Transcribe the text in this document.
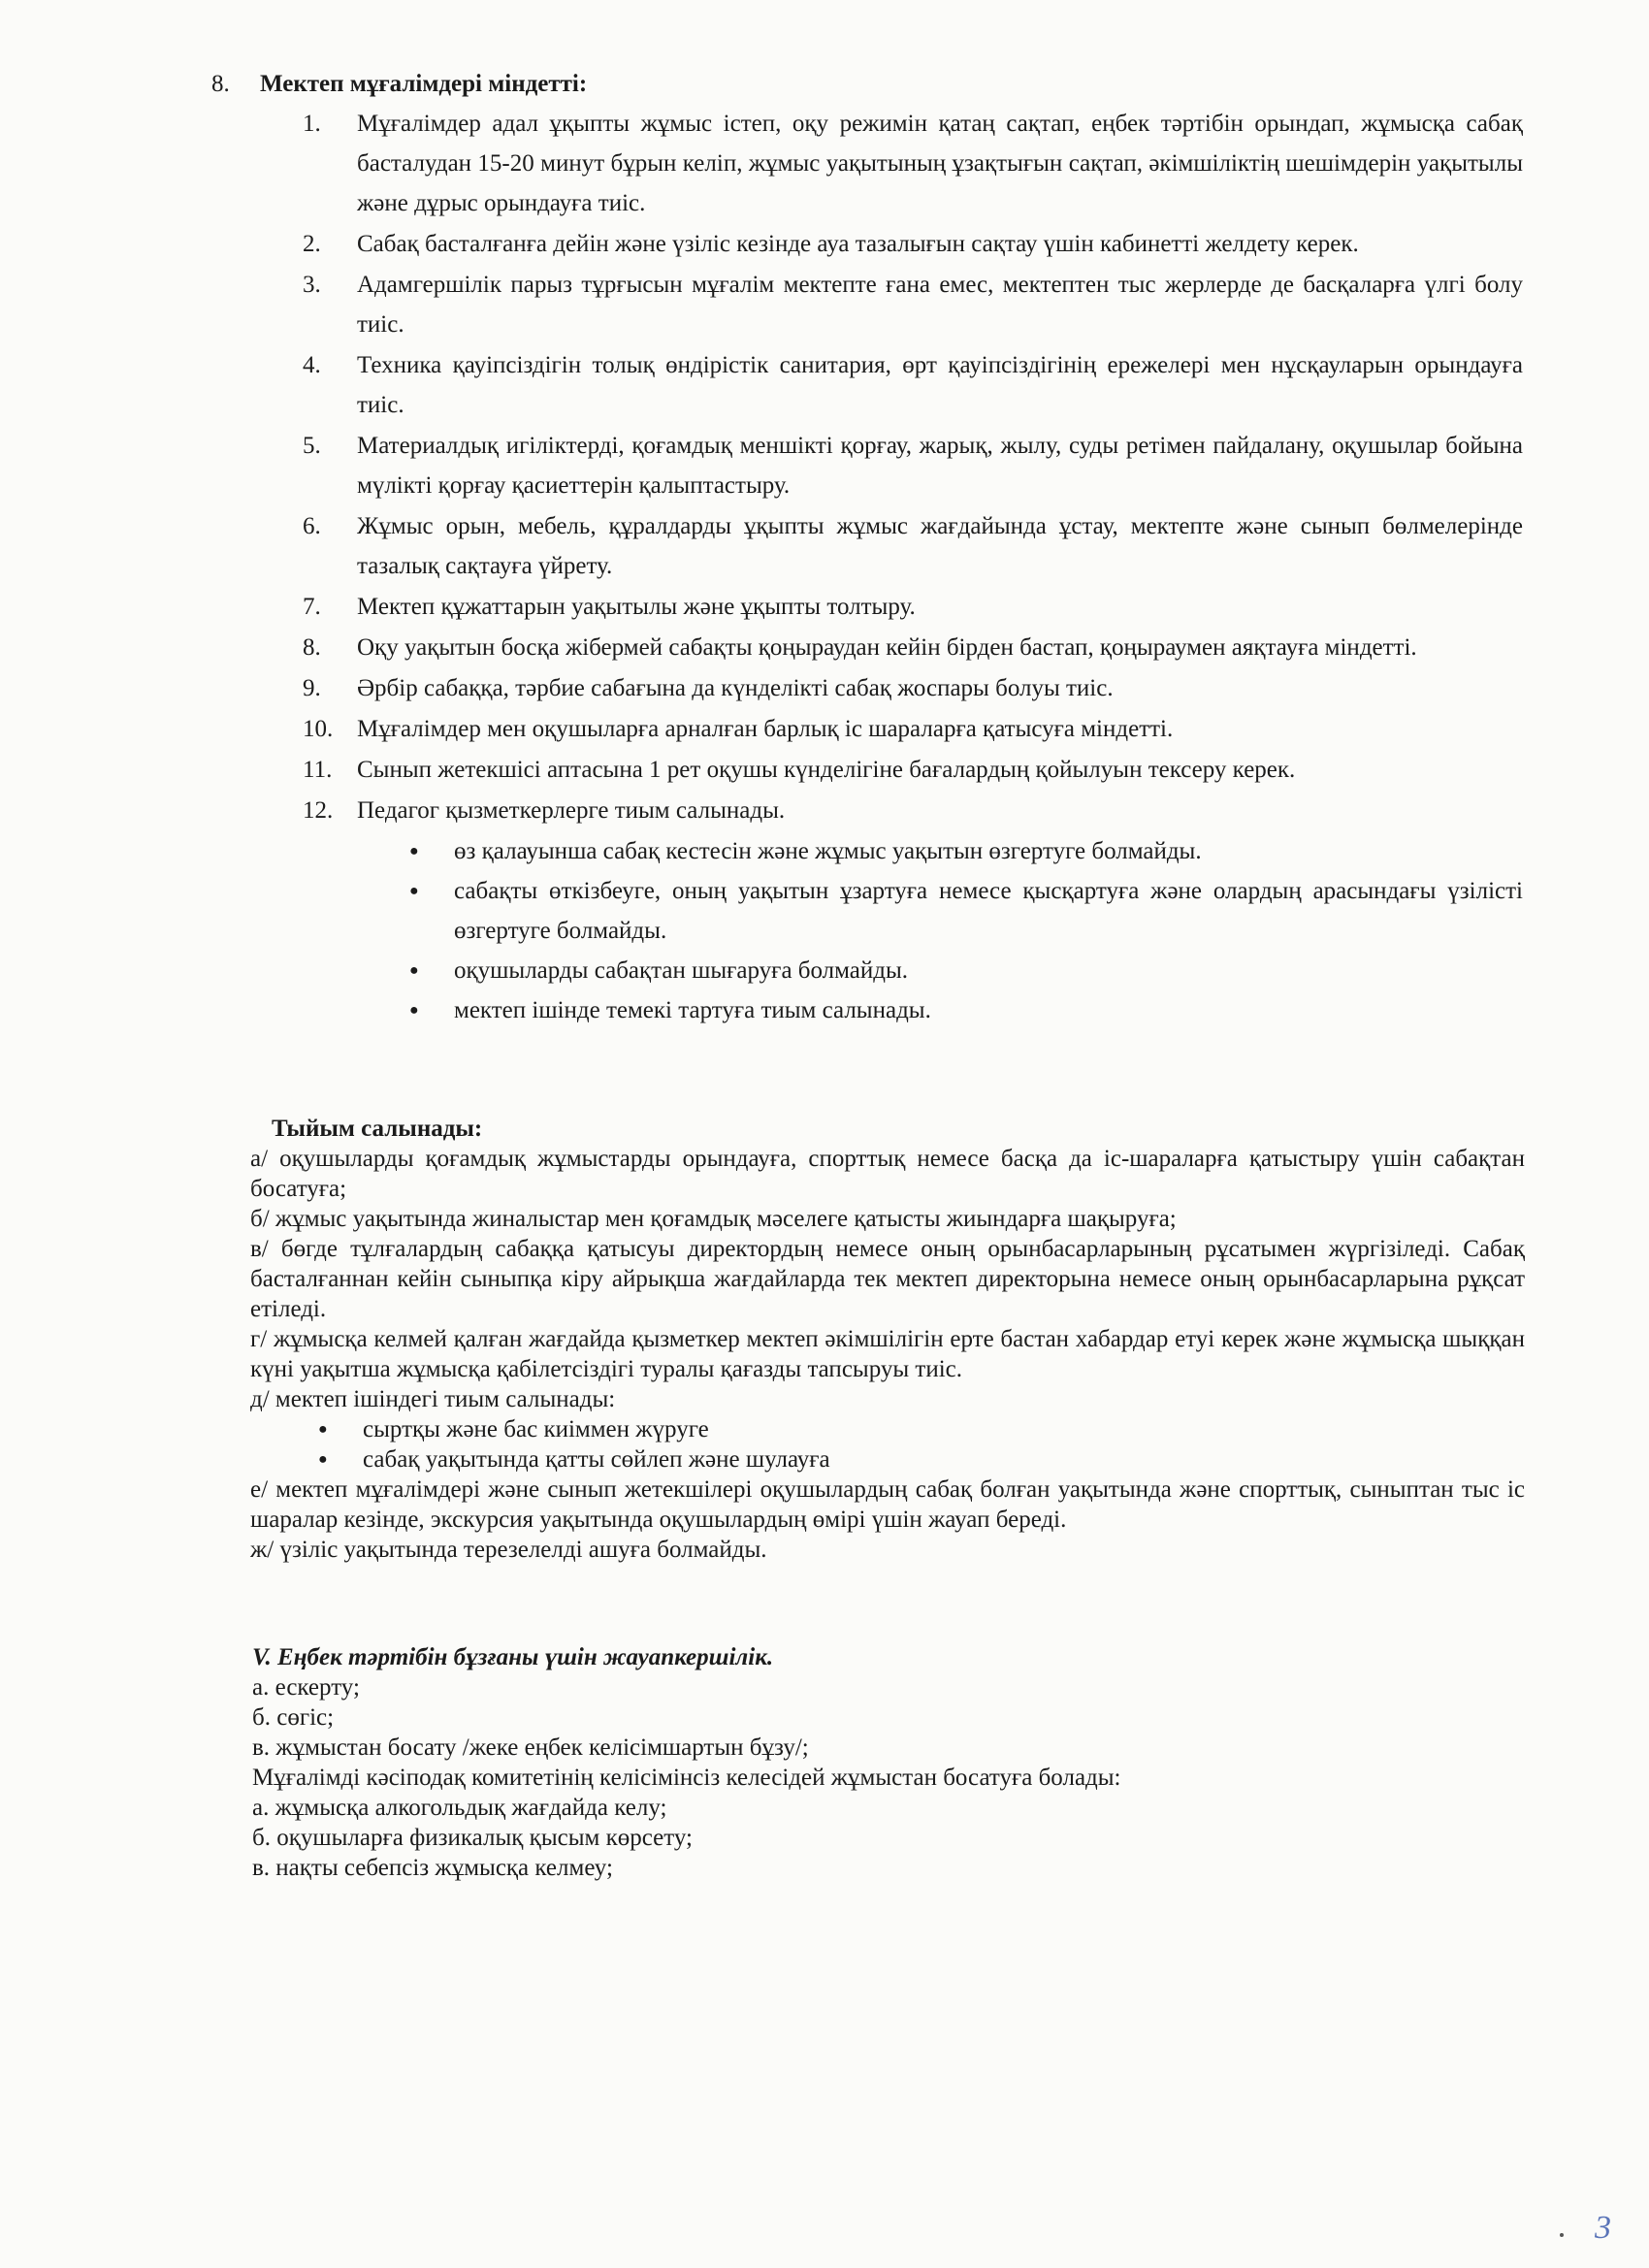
8.	Мектеп мұғалімдері міндетті:
1.	Мұғалімдер адал ұқыпты жұмыс істеп, оқу режимін қатаң сақтап, еңбек тәртібін орындап, жұмысқа сабақ басталудан 15-20 минут бұрын келіп, жұмыс уақытының ұзақтығын сақтап, әкімшіліктің шешімдерін уақытылы және дұрыс орындауға тиіс.
2.	Сабақ басталғанға дейін және үзіліс кезінде ауа тазалығын сақтау үшін кабинетті желдету керек.
3.	Адамгершілік парыз тұрғысын мұғалім мектепте ғана емес, мектептен тыс жерлерде де басқаларға үлгі болу тиіс.
4.	Техника қауіпсіздігін толық өндірістік санитария, өрт қауіпсіздігінің ережелері мен нұсқауларын орындауға тиіс.
5.	Материалдық игіліктерді, қоғамдық меншікті қорғау, жарық, жылу, суды ретімен пайдалану, оқушылар бойына мүлікті қорғау қасиеттерін қалыптастыру.
6.	Жұмыс орын, мебель, құралдарды ұқыпты жұмыс жағдайында ұстау, мектепте және сынып бөлмелерінде тазалық сақтауға үйрету.
7.	Мектеп құжаттарын уақытылы және ұқыпты толтыру.
8.	Оқу уақытын босқа жібермей сабақты қоңыраудан кейін бірден бастап, қоңыраумен аяқтауға міндетті.
9.	Әрбір сабаққа, тәрбие сабағына да күнделікті сабақ жоспары болуы тиіс.
10. Мұғалімдер мен оқушыларға арналған барлық іс шараларға қатысуға міндетті.
11.	Сынып жетекшісі аптасына 1 рет оқушы күнделігіне бағалардың қойылуын тексеру керек.
12. Педагог қызметкерлерге тиым салынады.
●	өз қалауынша сабақ кестесін және жұмыс уақытын өзгертуге болмайды.
●	сабақты өткізбеуге, оның уақытын ұзартуға немесе қысқартуға және олардың арасындағы үзілісті өзгертуге болмайды.
●	оқушыларды сабақтан шығаруға болмайды.
●	мектеп ішінде темекі тартуға тиым салынады.
Тыйым салынады:
а/ оқушыларды қоғамдық жұмыстарды орындауға, спорттық немесе басқа да іс-шараларға қатыстыру үшін сабақтан босатуға;
б/ жұмыс уақытында жиналыстар мен қоғамдық мәселеге қатысты жиындарға шақыруға;
в/ бөгде тұлғалардың сабаққа қатысуы директордың немесе оның орынбасарларының рұсатымен жүргізіледі. Сабақ басталғаннан кейін сыныпқа кіру айрықша жағдайларда тек мектеп директорына немесе оның орынбасарларына рұқсат етіледі.
г/ жұмысқа келмей қалған жағдайда қызметкер мектеп әкімшілігін ерте бастан хабардар етуі керек және жұмысқа шыққан күні уақытша жұмысқа қабілетсіздігі туралы қағазды тапсыруы тиіс.
д/ мектеп ішіндегі тиым салынады:
●	сыртқы және бас киіммен жүруге
●	сабақ уақытында қатты сөйлеп және шулауға
е/ мектеп мұғалімдері және сынып жетекшілері оқушылардың сабақ болған уақытында және спорттық, сыныптан тыс іс шаралар кезінде, экскурсия уақытында оқушылардың өмірі үшін жауап береді.
ж/ үзіліс уақытында терезелелді ашуға болмайды.
V. Еңбек тәртібін бұзғаны үшін жауапкершілік.
а. ескерту;
б. сөгіс;
в. жұмыстан босату /жеке еңбек келісімшартын бұзу/;
Мұғалімді кәсіподақ комитетінің келісімінсіз келесідей жұмыстан босатуға болады:
а. жұмысқа алкогольдық жағдайда келу;
б. оқушыларға физикалық қысым көрсету;
в. нақты себепсіз жұмысқа келмеу;
3
